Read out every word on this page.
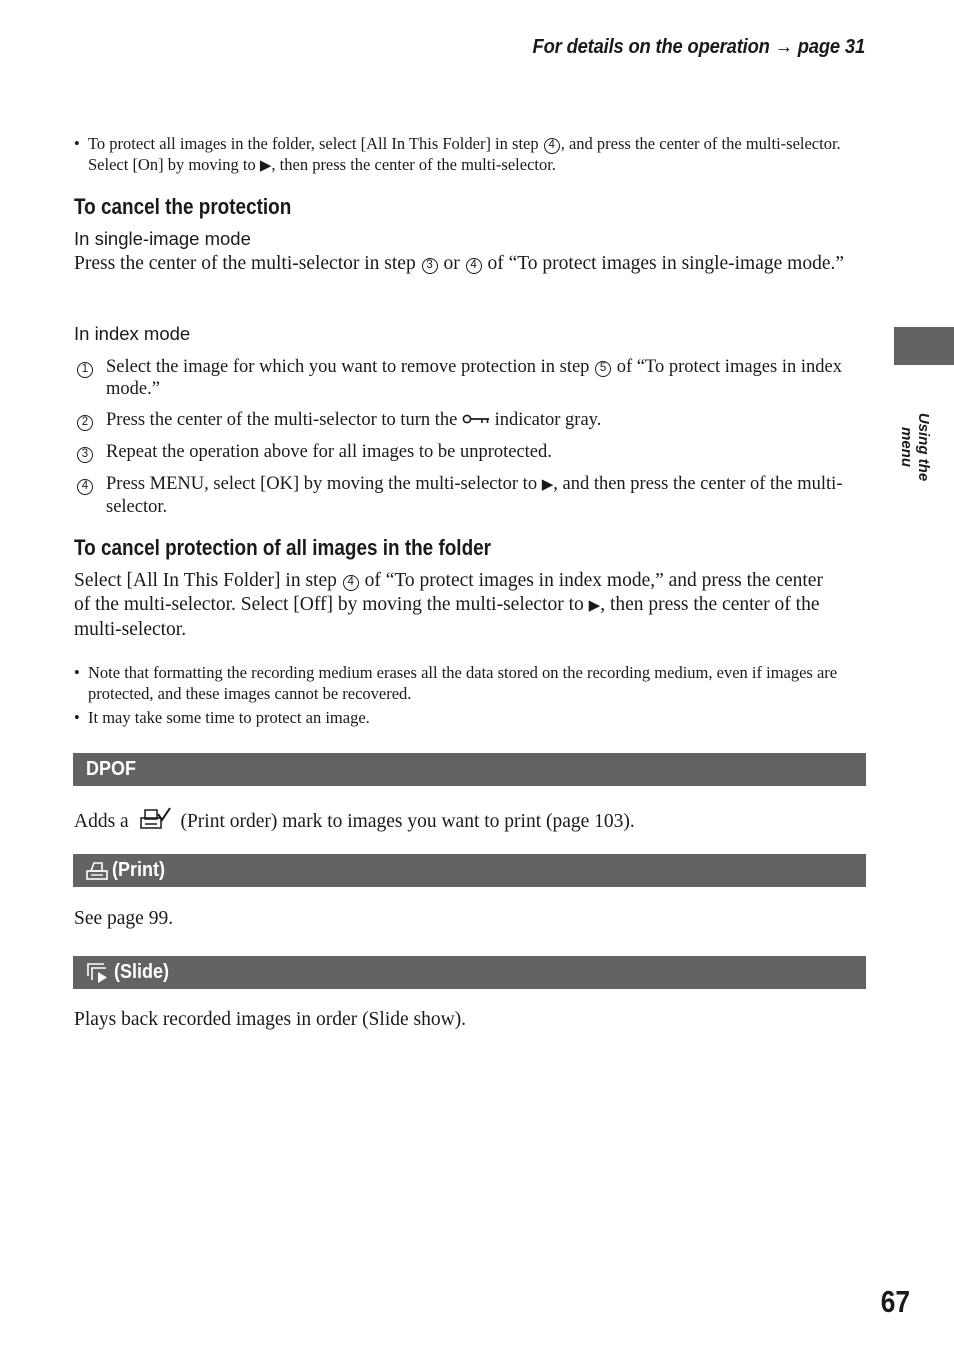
For details on the operation → page 31
• To protect all images in the folder, select [All In This Folder] in step 4 , and press the center of the multi-selector. Select [On] by moving to ▶, then press the center of the multi-selector.
To cancel the protection
In single-image mode
Press the center of the multi-selector in step 3 or 4 of “To protect images in single-image mode.”
In index mode
1 Select the image for which you want to remove protection in step 5 of “To protect images in index mode.”
2 Press the center of the multi-selector to turn the  indicator gray.
3 Repeat the operation above for all images to be unprotected.
4 Press MENU, select [OK] by moving the multi-selector to ▶, and then press the center of the multi-selector.
To cancel protection of all images in the folder
Select [All In This Folder] in step 4 of “To protect images in index mode,” and press the center of the multi-selector. Select [Off] by moving the multi-selector to ▶, then press the center of the multi-selector.
• Note that formatting the recording medium erases all the data stored on the recording medium, even if images are protected, and these images cannot be recovered.
• It may take some time to protect an image.
DPOF
Adds a  (Print order) mark to images you want to print (page 103).
(Print)
See page 99.
(Slide)
Plays back recorded images in order (Slide show).
Using the menu
67
